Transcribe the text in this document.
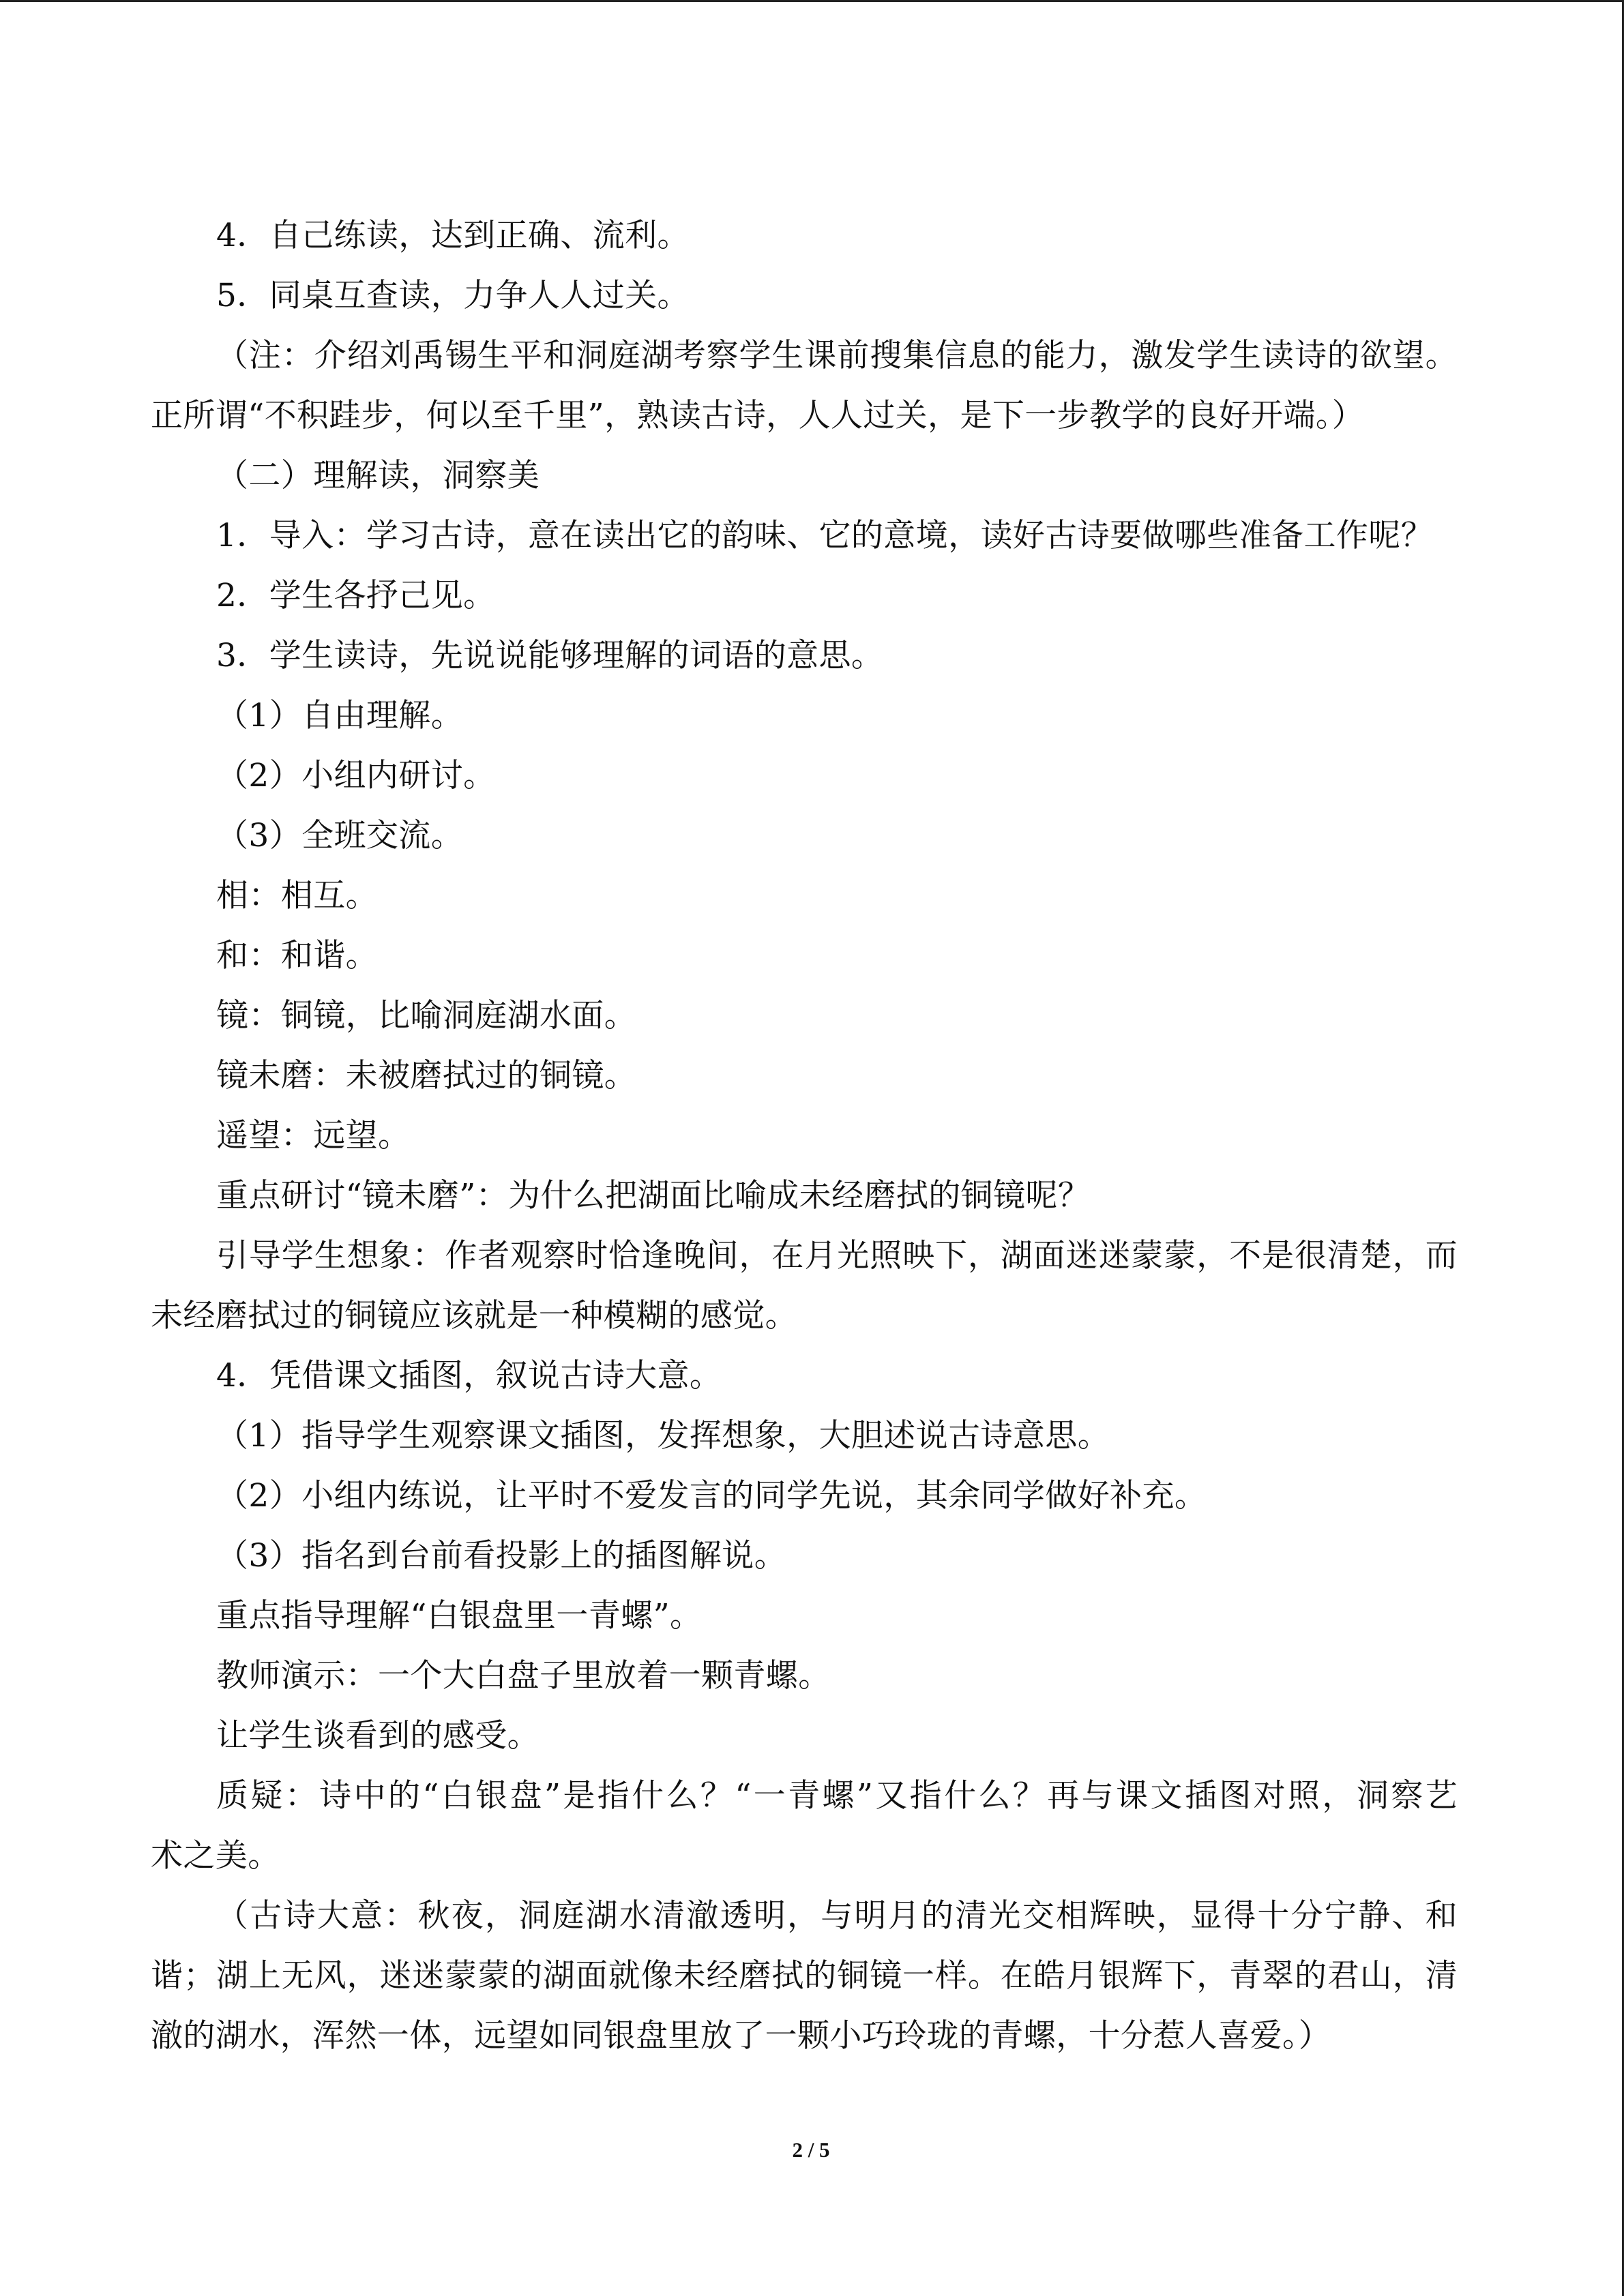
4．自己练读，达到正确、流利。
5．同桌互查读，力争人人过关。
（注：介绍刘禹锡生平和洞庭湖考察学生课前搜集信息的能力，激发学生读诗的欲望。
正所谓“不积跬步，何以至千里”，熟读古诗，人人过关，是下一步教学的良好开端。）
（二）理解读，洞察美
1．导入：学习古诗，意在读出它的韵味、它的意境，读好古诗要做哪些准备工作呢？
2．学生各抒己见。
3．学生读诗，先说说能够理解的词语的意思。
（1）自由理解。
（2）小组内研讨。
（3）全班交流。
相：相互。
和：和谐。
镜：铜镜，比喻洞庭湖水面。
镜未磨：未被磨拭过的铜镜。
遥望：远望。
重点研讨“镜未磨”：为什么把湖面比喻成未经磨拭的铜镜呢？
引导学生想象：作者观察时恰逢晚间，在月光照映下，湖面迷迷蒙蒙，不是很清楚，而
未经磨拭过的铜镜应该就是一种模糊的感觉。
4．凭借课文插图，叙说古诗大意。
（1）指导学生观察课文插图，发挥想象，大胆述说古诗意思。
（2）小组内练说，让平时不爱发言的同学先说，其余同学做好补充。
（3）指名到台前看投影上的插图解说。
重点指导理解“白银盘里一青螺”。
教师演示：一个大白盘子里放着一颗青螺。
让学生谈看到的感受。
质疑：诗中的“白银盘”是指什么？“一青螺”又指什么？再与课文插图对照，洞察艺
术之美。
（古诗大意：秋夜，洞庭湖水清澈透明，与明月的清光交相辉映，显得十分宁静、和
谐；湖上无风，迷迷蒙蒙的湖面就像未经磨拭的铜镜一样。在皓月银辉下，青翠的君山，清
澈的湖水，浑然一体，远望如同银盘里放了一颗小巧玲珑的青螺，十分惹人喜爱。）
2 / 5
